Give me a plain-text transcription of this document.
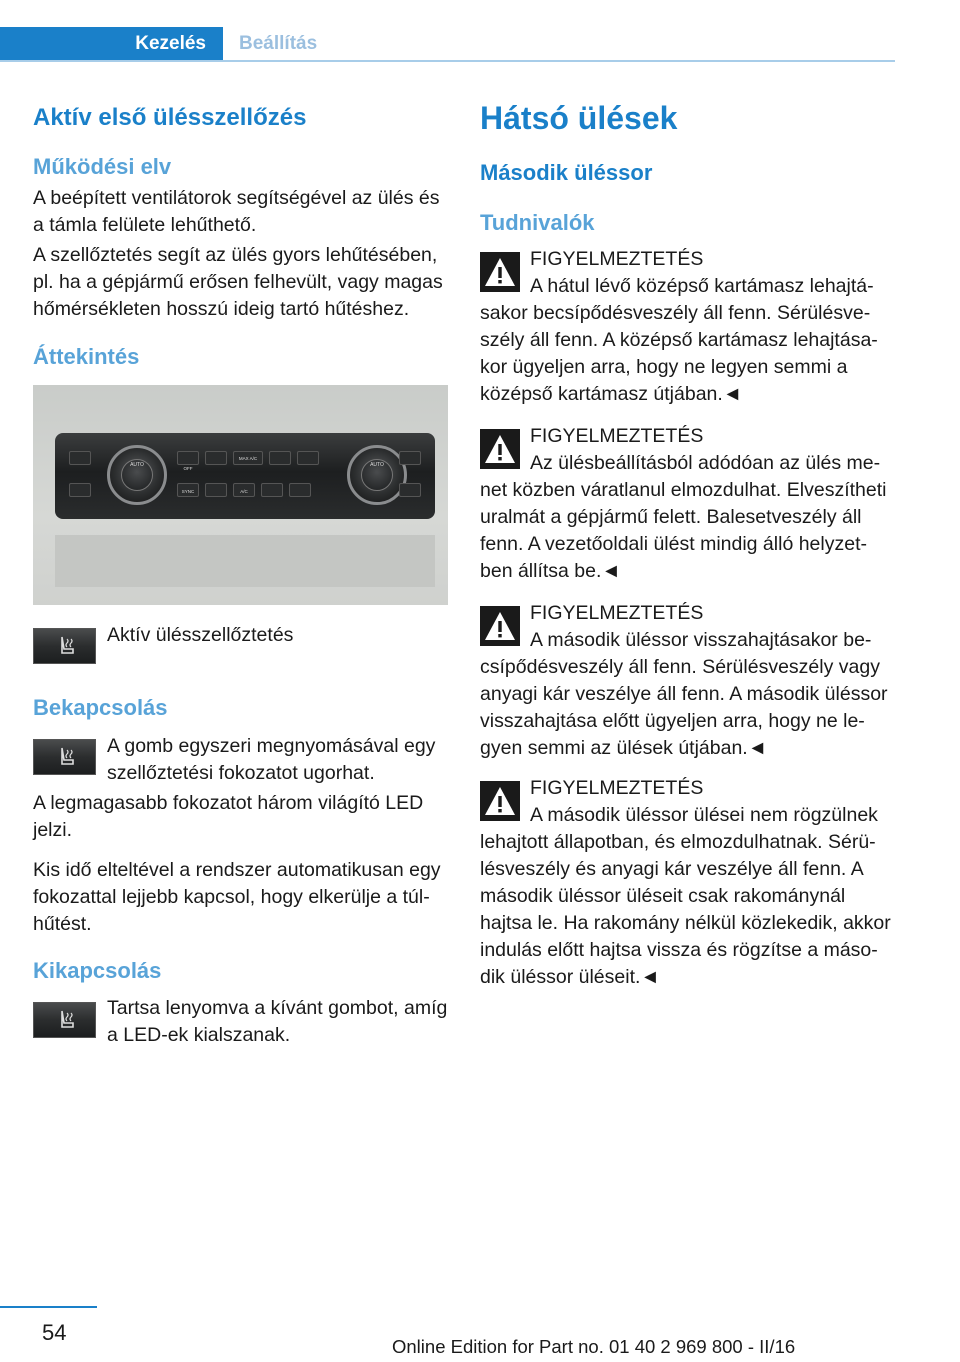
Kezelés	Beállítás
Aktív első ülésszellőzés
Működési elv
A beépített ventilátorok segítségével az ülés és a támla felülete lehűthető.
A szellőztetés segít az ülés gyors lehűtésében, pl. ha a gépjármű erősen felhevült, vagy magas hőmérsékleten hosszú ideig tartó hűtéshez.
Áttekintés
AUTO	AUTO
OFF
MAX A/C
SYNC	A/C
Aktív ülésszellőztetés
Bekapcsolás
A gomb egyszeri megnyomásával egy szellőztetési fokozatot ugorhat.
A legmagasabb fokozatot három világító LED jelzi.
Kis idő elteltével a rendszer automatikusan egy fokozattal lejjebb kapcsol, hogy elkerülje a túl-hűtést.
Kikapcsolás
Tartsa lenyomva a kívánt gombot, amíg a LED-ek kialszanak.
Hátsó ülések
Második üléssor
Tudnivalók
FIGYELMEZTETÉS
A hátul lévő középső kartámasz lehajtá-sakor becsípődésveszély áll fenn. Sérülésve-szély áll fenn. A középső kartámasz lehajtása-kor ügyeljen arra, hogy ne legyen semmi a középső kartámasz útjában.◄
FIGYELMEZTETÉS
Az ülésbeállításból adódóan az ülés me-net közben váratlanul elmozdulhat. Elveszítheti uralmát a gépjármű felett. Balesetveszély áll fenn. A vezetőoldali ülést mindig álló helyzet-ben állítsa be.◄
FIGYELMEZTETÉS
A második üléssor visszahajtásakor be-csípődésveszély áll fenn. Sérülésveszély vagy anyagi kár veszélye áll fenn. A második üléssor visszahajtása előtt ügyeljen arra, hogy ne le-gyen semmi az ülések útjában.◄
FIGYELMEZTETÉS
A második üléssor ülései nem rögzülnek lehajtott állapotban, és elmozdulhatnak. Sérü-lésveszély és anyagi kár veszélye áll fenn. A második üléssor üléseit csak rakománynál hajtsa le. Ha rakomány nélkül közlekedik, akkor indulás előtt hajtsa vissza és rögzítse a máso-dik üléssor üléseit.◄
54
Online Edition for Part no. 01 40 2 969 800 - II/16
